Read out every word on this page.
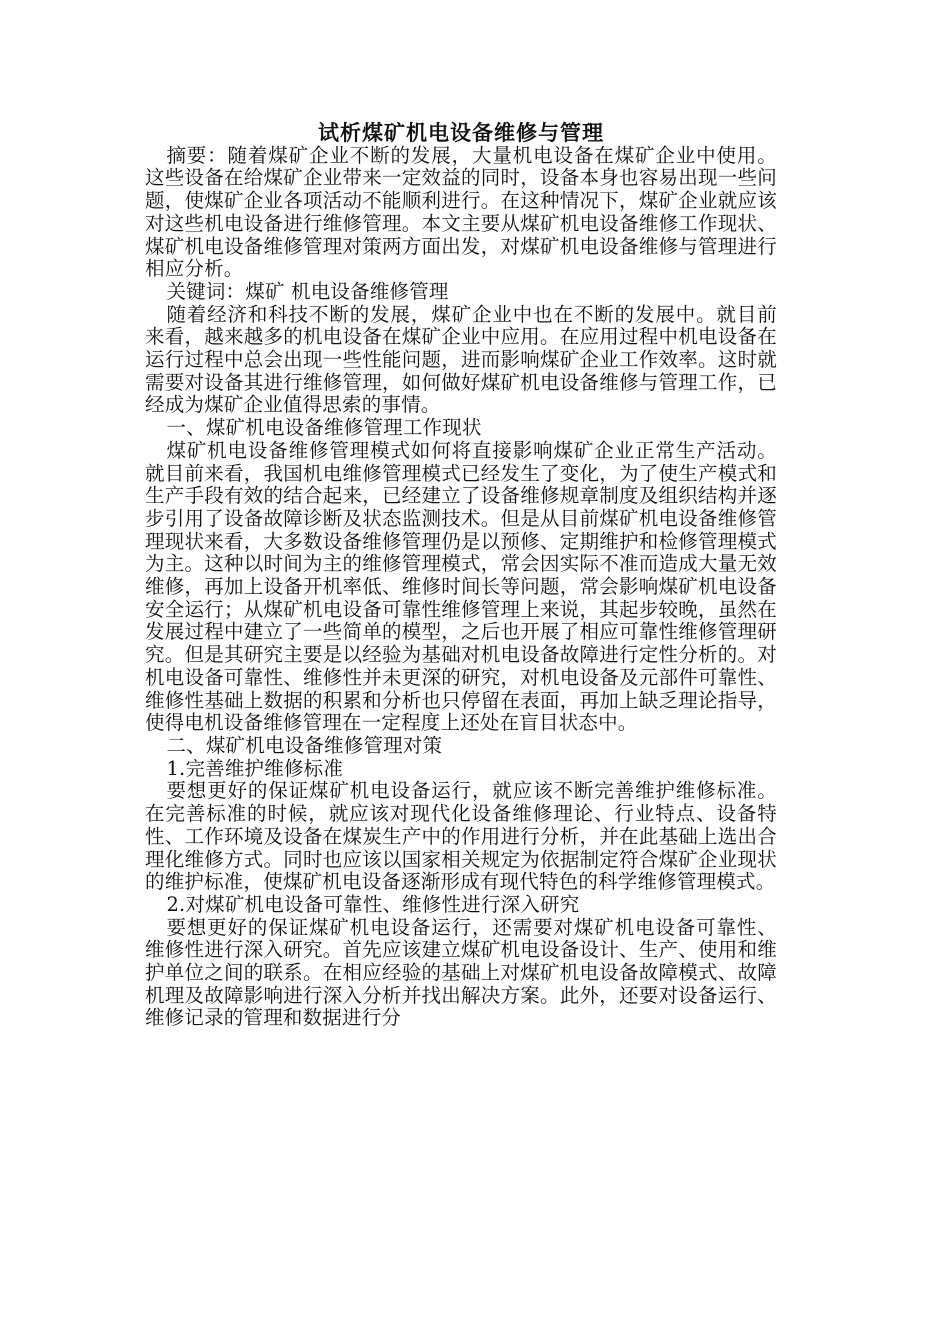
试析煤矿机电设备维修与管理

摘要：随着煤矿企业不断的发展，大量机电设备在煤矿企业中使用。这些设备在给煤矿企业带来一定效益的同时，设备本身也容易出现一些问题，使煤矿企业各项活动不能顺利进行。在这种情况下，煤矿企业就应该对这些机电设备进行维修管理。本文主要从煤矿机电设备维修工作现状、煤矿机电设备维修管理对策两方面出发，对煤矿机电设备维修与管理进行相应分析。

关键词：煤矿 机电设备维修管理

随着经济和科技不断的发展，煤矿企业中也在不断的发展中。就目前来看，越来越多的机电设备在煤矿企业中应用。在应用过程中机电设备在运行过程中总会出现一些性能问题，进而影响煤矿企业工作效率。这时就需要对设备其进行维修管理，如何做好煤矿机电设备维修与管理工作，已经成为煤矿企业值得思索的事情。

一、煤矿机电设备维修管理工作现状

煤矿机电设备维修管理模式如何将直接影响煤矿企业正常生产活动。就目前来看，我国机电维修管理模式已经发生了变化，为了使生产模式和生产手段有效的结合起来，已经建立了设备维修规章制度及组织结构并逐步引用了设备故障诊断及状态监测技术。但是从目前煤矿机电设备维修管理现状来看，大多数设备维修管理仍是以预修、定期维护和检修管理模式为主。这种以时间为主的维修管理模式，常会因实际不准而造成大量无效维修，再加上设备开机率低、维修时间长等问题，常会影响煤矿机电设备安全运行；从煤矿机电设备可靠性维修管理上来说，其起步较晚，虽然在发展过程中建立了一些简单的模型，之后也开展了相应可靠性维修管理研究。但是其研究主要是以经验为基础对机电设备故障进行定性分析的。对机电设备可靠性、维修性并未更深的研究，对机电设备及元部件可靠性、维修性基础上数据的积累和分析也只停留在表面，再加上缺乏理论指导，使得电机设备维修管理在一定程度上还处在盲目状态中。

二、煤矿机电设备维修管理对策

1.完善维护维修标准

要想更好的保证煤矿机电设备运行，就应该不断完善维护维修标准。在完善标准的时候，就应该对现代化设备维修理论、行业特点、设备特性、工作环境及设备在煤炭生产中的作用进行分析，并在此基础上选出合理化维修方式。同时也应该以国家相关规定为依据制定符合煤矿企业现状的维护标准，使煤矿机电设备逐渐形成有现代特色的科学维修管理模式。

2.对煤矿机电设备可靠性、维修性进行深入研究

要想更好的保证煤矿机电设备运行，还需要对煤矿机电设备可靠性、维修性进行深入研究。首先应该建立煤矿机电设备设计、生产、使用和维护单位之间的联系。在相应经验的基础上对煤矿机电设备故障模式、故障机理及故障影响进行深入分析并找出解决方案。此外，还要对设备运行、维修记录的管理和数据进行分
